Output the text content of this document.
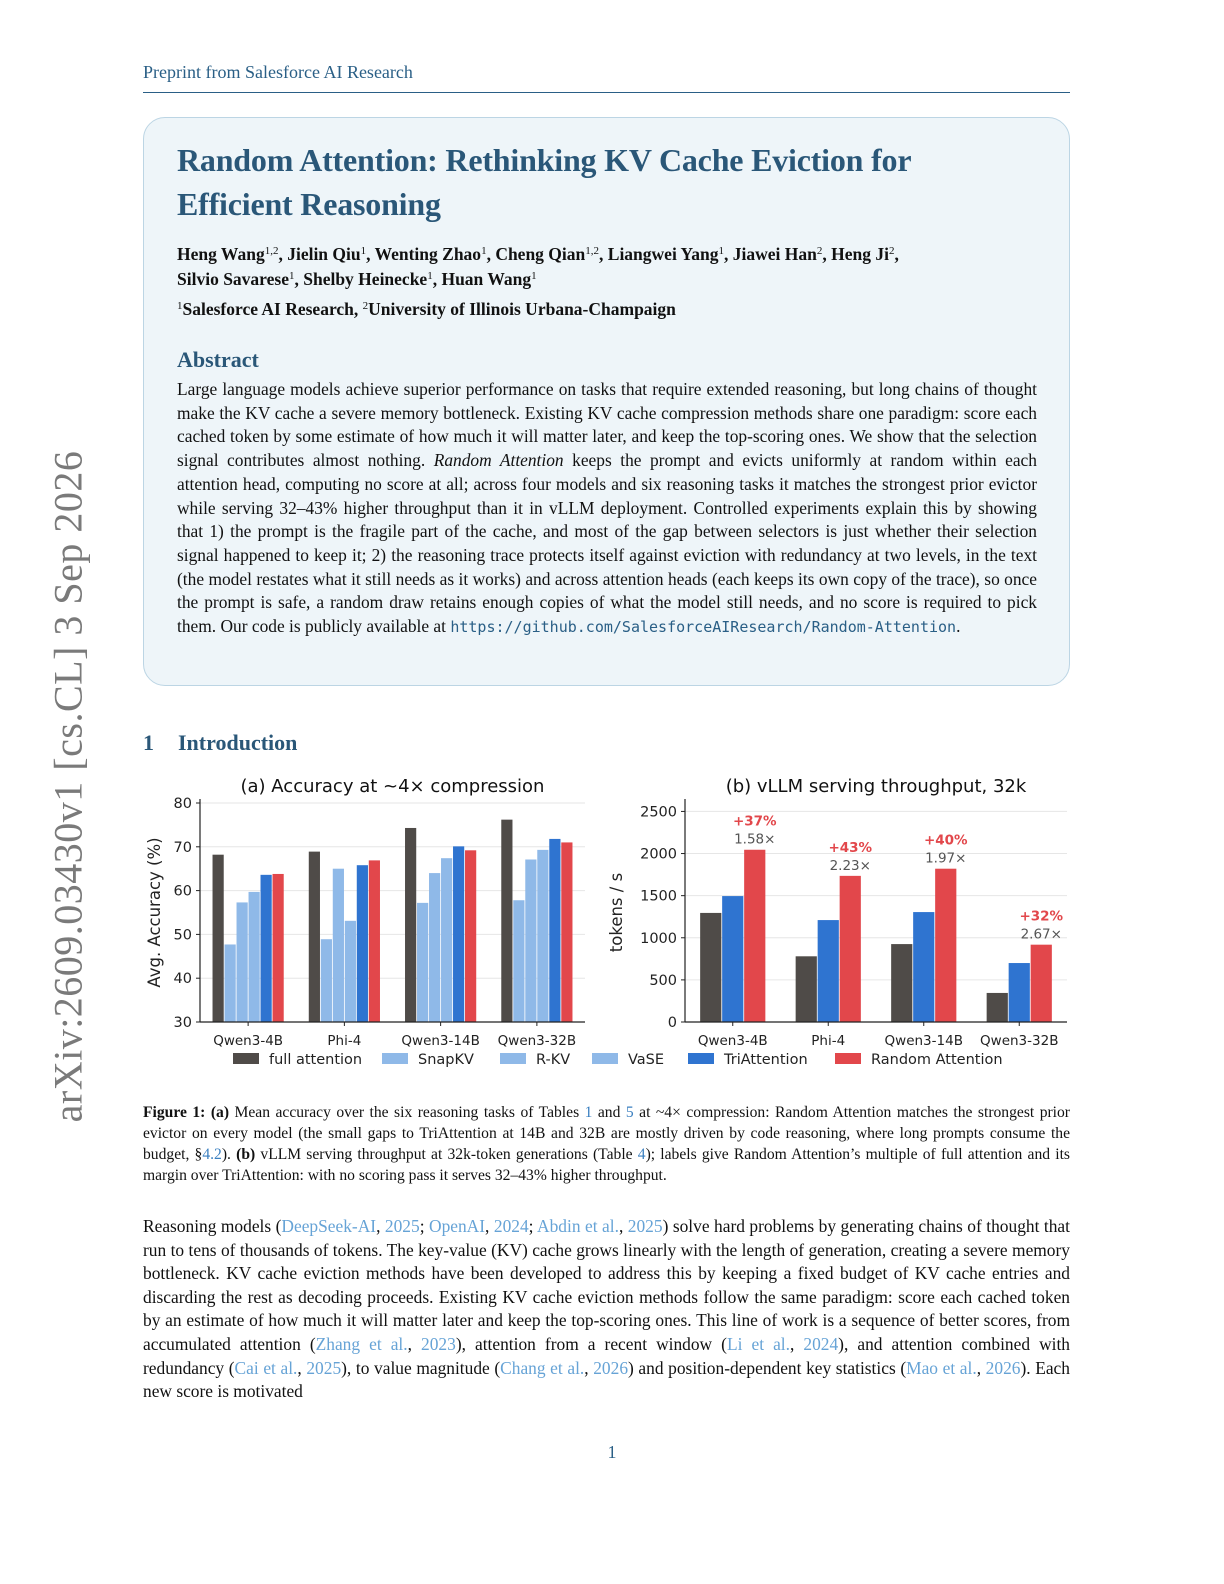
arXiv:2609.03430v1 [cs.CL] 3 Sep 2026
Preprint from Salesforce AI Research
Random Attention: Rethinking KV Cache Eviction for
Efficient Reasoning
Heng Wang$^{1,2}$, Jielin Qiu$^1$, Wenting Zhao$^1$, Cheng Qian$^{1,2}$, Liangwei Yang$^1$, Jiawei Han$^2$, Heng Ji$^2$,
Silvio Savarese$^1$, Shelby Heinecke$^1$, Huan Wang$^1$
$^1$Salesforce AI Research, $^2$University of Illinois Urbana-Champaign
Abstract
Large language models achieve superior performance on tasks that require extended reasoning, but long chains of thought make the KV cache a severe memory bottleneck. Existing KV cache compression methods share one paradigm: score each cached token by some estimate of how much it will matter later, and keep the top-scoring ones. We show that the selection signal contributes almost nothing. Random Attention keeps the prompt and evicts uniformly at random within each attention head, computing no score at all; across four models and six reasoning tasks it matches the strongest prior evictor while serving 32–43% higher throughput than it in vLLM deployment. Controlled experiments explain this by showing that 1) the prompt is the fragile part of the cache, and most of the gap between selectors is just whether their selection signal happened to keep it; 2) the reasoning trace protects itself against eviction with redundancy at two levels, in the text (the model restates what it still needs as it works) and across attention heads (each keeps its own copy of the trace), so once the prompt is safe, a random draw retains enough copies of what the model still needs, and no score is required to pick them. Our code is publicly available at https://github.com/SalesforceAIResearch/Random-Attention.
1 Introduction
30
40
50
60
70
80
Qwen3-4B	Phi-4	Qwen3-14B Qwen3-32B
(a) Accuracy at ~4× compression
Avg. Accuracy (%)
0
500
1000
1500
2000
2500
Qwen3-4B
1.58×
+37%
Phi-4
2.23×
+43%
Qwen3-14B
1.97×
+40%
Qwen3-32B
2.67×
+32%
(b) vLLM serving throughput, 32k
tokens / s
full attention	SnapKV	R-KV	VaSE	TriAttention	Random Attention
Figure 1: (a) Mean accuracy over the six reasoning tasks of Tables 1 and 5 at ~4× compression: Random Attention matches the strongest prior evictor on every model (the small gaps to TriAttention at 14B and 32B are mostly driven by code reasoning, where long prompts consume the budget, §4.2). (b) vLLM serving throughput at 32k-token generations (Table 4); labels give Random Attention’s multiple of full attention and its margin over TriAttention: with no scoring pass it serves 32–43% higher throughput.
Reasoning models (DeepSeek-AI, 2025; OpenAI, 2024; Abdin et al., 2025) solve hard problems by generating chains of thought that run to tens of thousands of tokens. The key-value (KV) cache grows linearly with the length of generation, creating a severe memory bottleneck. KV cache eviction methods have been developed to address this by keeping a fixed budget of KV cache entries and discarding the rest as decoding proceeds. Existing KV cache eviction methods follow the same paradigm: score each cached token by an estimate of how much it will matter later and keep the top-scoring ones. This line of work is a sequence of better scores, from accumulated attention (Zhang et al., 2023), attention from a recent window (Li et al., 2024), and attention combined with redundancy (Cai et al., 2025), to value magnitude (Chang et al., 2026) and position-dependent key statistics (Mao et al., 2026). Each new score is motivated
1
